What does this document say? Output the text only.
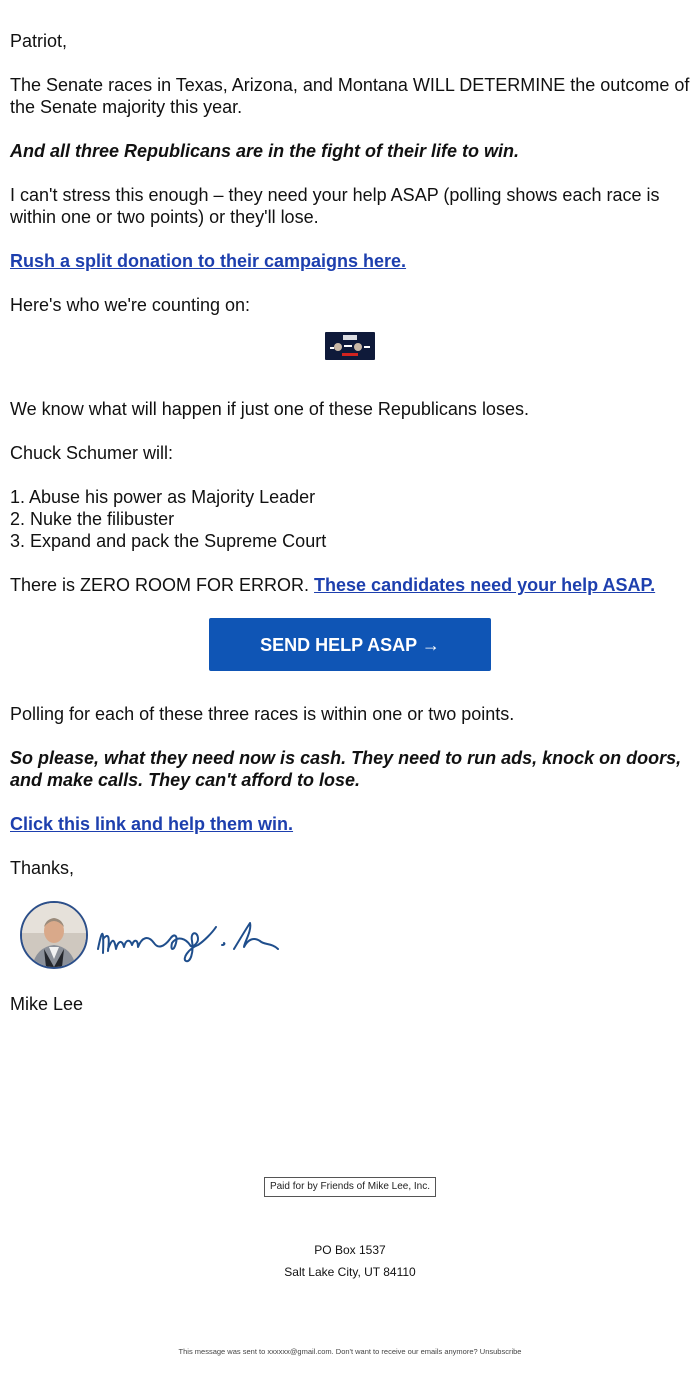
Patriot,

The Senate races in Texas, Arizona, and Montana WILL DETERMINE the outcome of the Senate majority this year.

And all three Republicans are in the fight of their life to win.

I can't stress this enough – they need your help ASAP (polling shows each race is within one or two points) or they'll lose.

Rush a split donation to their campaigns here.

Here's who we're counting on:

We know what will happen if just one of these Republicans loses.

Chuck Schumer will:

1. Abuse his power as Majority Leader
2. Nuke the filibuster
3. Expand and pack the Supreme Court

There is ZERO ROOM FOR ERROR. These candidates need your help ASAP.

SEND HELP ASAP →

Polling for each of these three races is within one or two points.

So please, what they need now is cash. They need to run ads, knock on doors, and make calls. They can't afford to lose.

Click this link and help them win.

Thanks,

Mike Lee

Paid for by Friends of Mike Lee, Inc.
PO Box 1537
Salt Lake City, UT 84110
This message was sent to xxxxxx@gmail.com. Don't want to receive our emails anymore? Unsubscribe
